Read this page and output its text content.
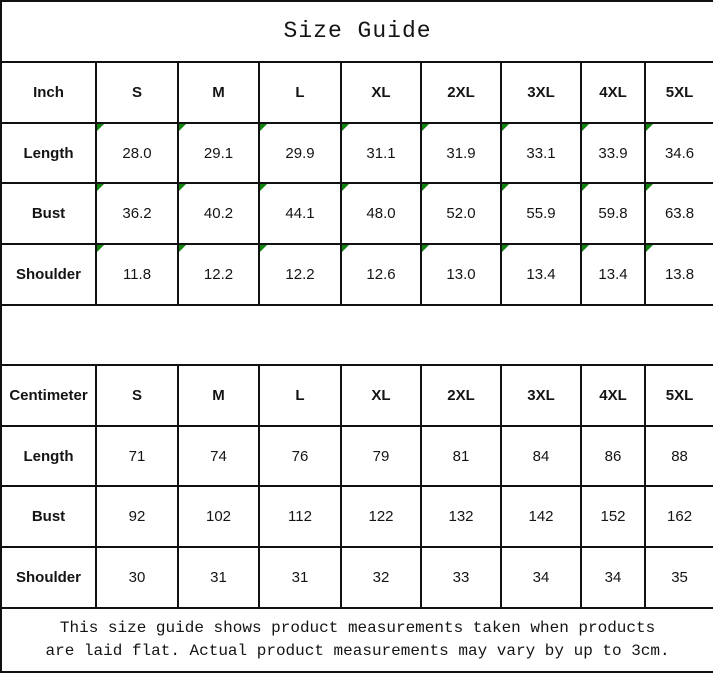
Size Guide								
Inch	S	M	L	XL	2XL	3XL	4XL	5XL
Length	28.0	29.1	29.9	31.1	31.9	33.1	33.9	34.6
Bust	36.2	40.2	44.1	48.0	52.0	55.9	59.8	63.8
Shoulder	11.8	12.2	12.2	12.6	13.0	13.4	13.4	13.8

Centimeter	S	M	L	XL	2XL	3XL	4XL	5XL
Length	71	74	76	79	81	84	86	88
Bust	92	102	112	122	132	142	152	162
Shoulder	30	31	31	32	33	34	34	35

This size guide shows product measurements taken when products
are laid flat. Actual product measurements may vary by up to 3cm.								
